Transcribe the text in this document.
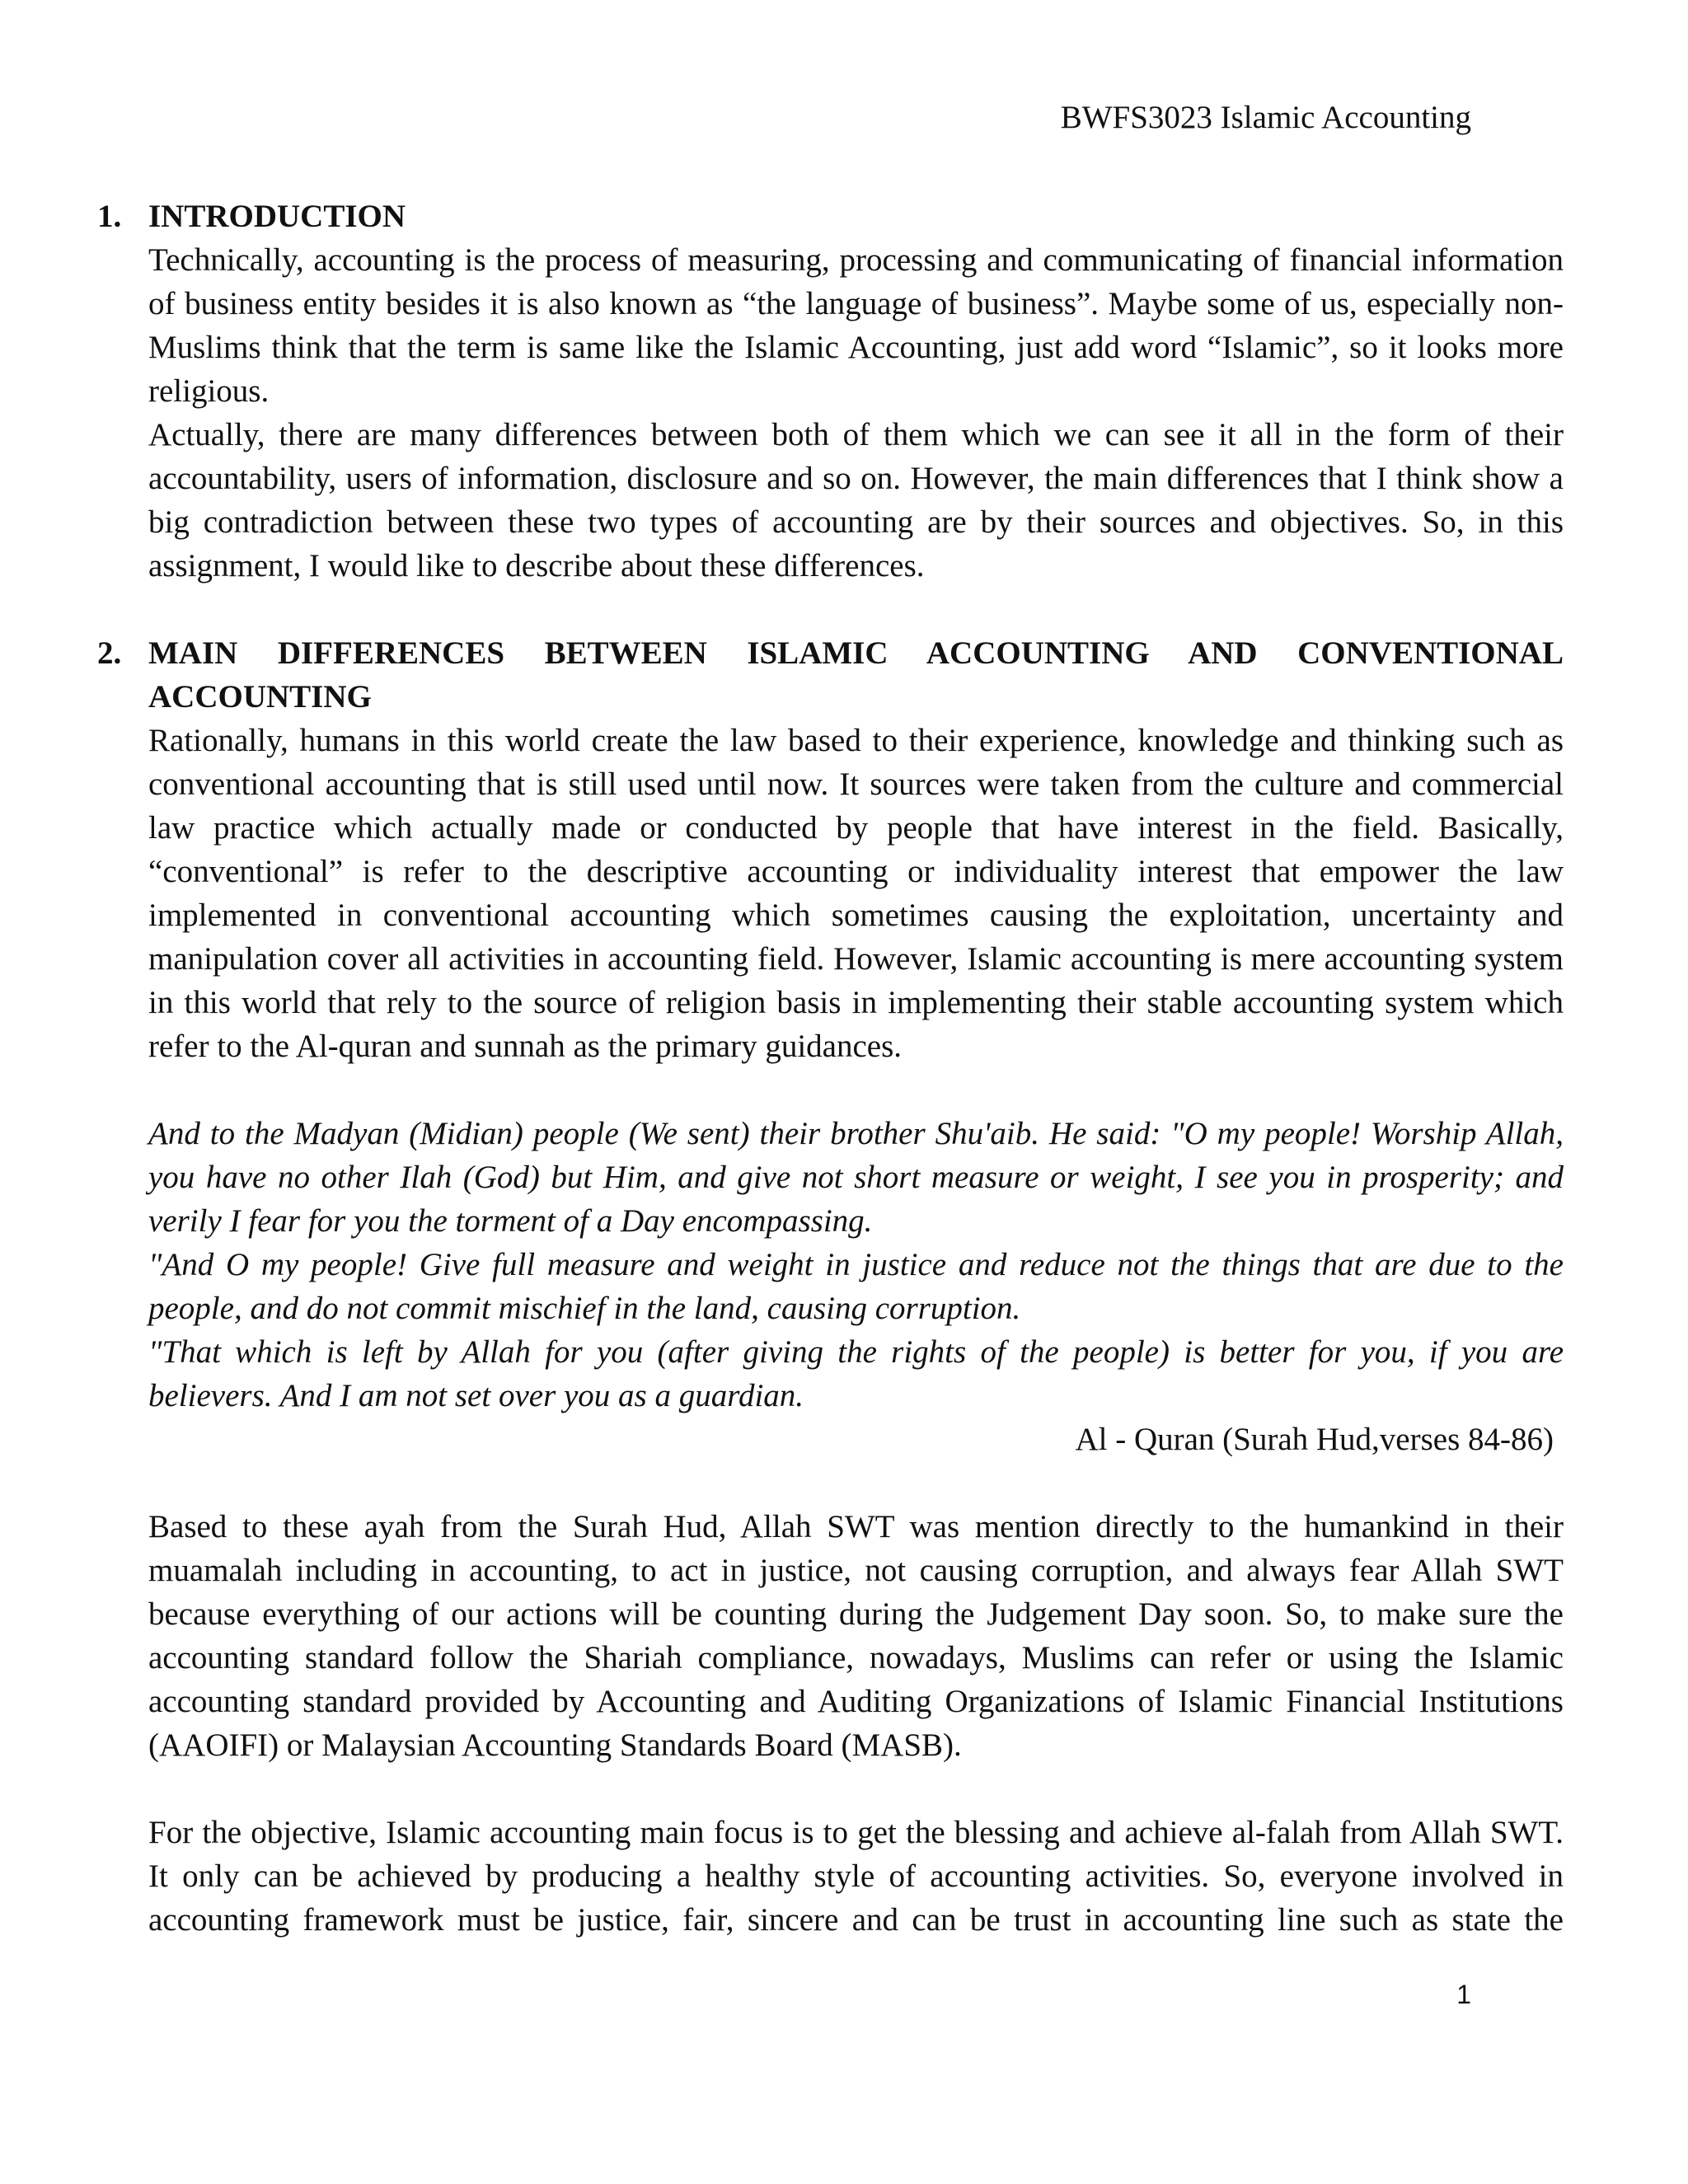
BWFS3023 Islamic Accounting
1. INTRODUCTION

Technically, accounting is the process of measuring, processing and communicating of financial information of business entity besides it is also known as “the language of business”. Maybe some of us, especially non-Muslims think that the term is same like the Islamic Accounting, just add word “Islamic”, so it looks more religious.

Actually, there are many differences between both of them which we can see it all in the form of their accountability, users of information, disclosure and so on. However, the main differences that I think show a big contradiction between these two types of accounting are by their sources and objectives. So, in this assignment, I would like to describe about these differences.

2. MAIN DIFFERENCES BETWEEN ISLAMIC ACCOUNTING AND CONVENTIONAL ACCOUNTING

Rationally, humans in this world create the law based to their experience, knowledge and thinking such as conventional accounting that is still used until now. It sources were taken from the culture and commercial law practice which actually made or conducted by people that have interest in the field. Basically, “conventional” is refer to the descriptive accounting or individuality interest that empower the law implemented in conventional accounting which sometimes causing the exploitation, uncertainty and manipulation cover all activities in accounting field. However, Islamic accounting is mere accounting system in this world that rely to the source of religion basis in implementing their stable accounting system which refer to the Al-quran and sunnah as the primary guidances.

And to the Madyan (Midian) people (We sent) their brother Shu'aib. He said: "O my people! Worship Allah, you have no other Ilah (God) but Him, and give not short measure or weight, I see you in prosperity; and verily I fear for you the torment of a Day encompassing.

"And O my people! Give full measure and weight in justice and reduce not the things that are due to the people, and do not commit mischief in the land, causing corruption.

"That which is left by Allah for you (after giving the rights of the people) is better for you, if you are believers. And I am not set over you as a guardian.

Al - Quran (Surah Hud,verses 84-86)

Based to these ayah from the Surah Hud, Allah SWT was mention directly to the humankind in their muamalah including in accounting, to act in justice, not causing corruption, and always fear Allah SWT because everything of our actions will be counting during the Judgement Day soon. So, to make sure the accounting standard follow the Shariah compliance, nowadays, Muslims can refer or using the Islamic accounting standard provided by Accounting and Auditing Organizations of Islamic Financial Institutions (AAOIFI) or Malaysian Accounting Standards Board (MASB).

For the objective, Islamic accounting main focus is to get the blessing and achieve al-falah from Allah SWT. It only can be achieved by producing a healthy style of accounting activities. So, everyone involved in accounting framework must be justice, fair, sincere and can be trust in accounting line such as state the

1
